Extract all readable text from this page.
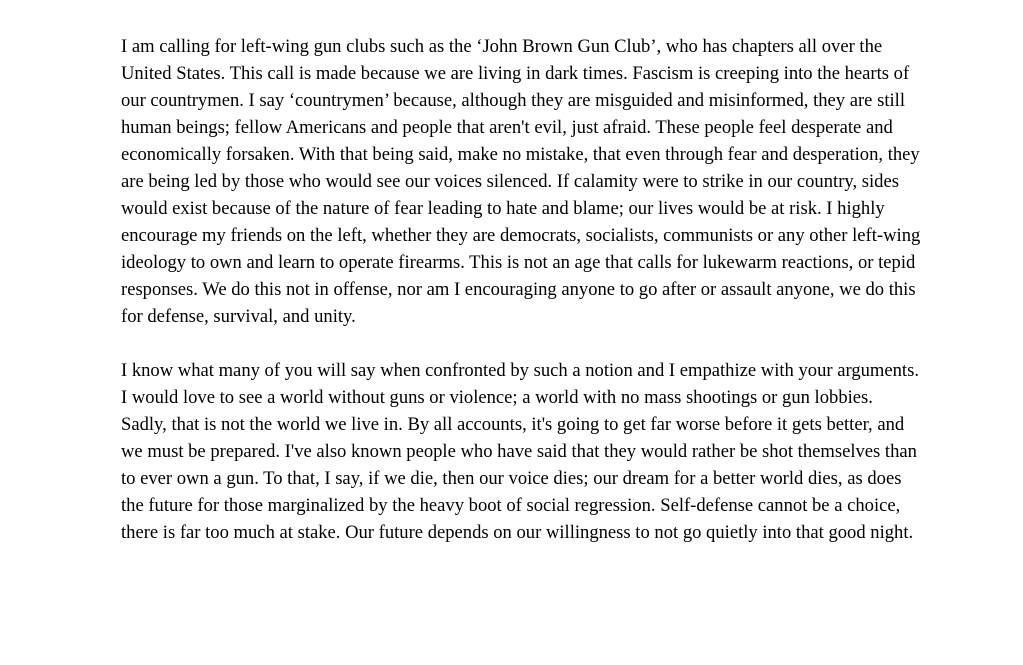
I am calling for left-wing gun clubs such as the ‘John Brown Gun Club’, who has chapters all over the United States. This call is made because we are living in dark times. Fascism is creeping into the hearts of our countrymen. I say ‘countrymen’ because, although they are misguided and misinformed, they are still human beings; fellow Americans and people that aren't evil, just afraid. These people feel desperate and economically forsaken. With that being said, make no mistake, that even through fear and desperation, they are being led by those who would see our voices silenced. If calamity were to strike in our country, sides would exist because of the nature of fear leading to hate and blame; our lives would be at risk. I highly encourage my friends on the left, whether they are democrats, socialists, communists or any other left-wing ideology to own and learn to operate firearms. This is not an age that calls for lukewarm reactions, or tepid responses. We do this not in offense, nor am I encouraging anyone to go after or assault anyone, we do this for defense, survival, and unity.

I know what many of you will say when confronted by such a notion and I empathize with your arguments. I would love to see a world without guns or violence; a world with no mass shootings or gun lobbies. Sadly, that is not the world we live in. By all accounts, it's going to get far worse before it gets better, and we must be prepared. I've also known people who have said that they would rather be shot themselves than to ever own a gun. To that, I say, if we die, then our voice dies; our dream for a better world dies, as does the future for those marginalized by the heavy boot of social regression. Self-defense cannot be a choice, there is far too much at stake. Our future depends on our willingness to not go quietly into that good night.
